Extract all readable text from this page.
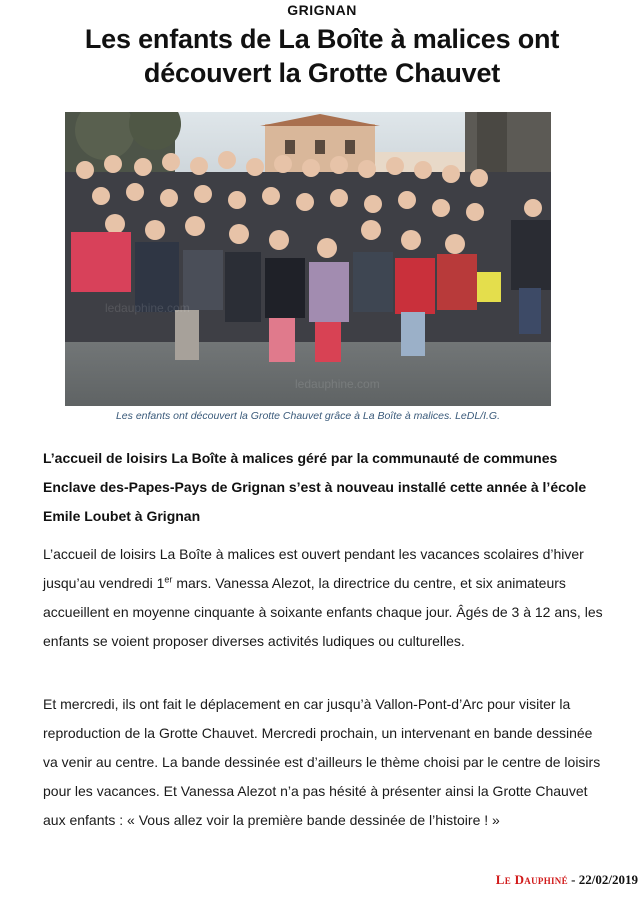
GRIGNAN
Les enfants de La Boîte à malices ont découvert la Grotte Chauvet
ledauphine.com
ledauphine.com
Les enfants ont découvert la Grotte Chauvet grâce à La Boîte à malices. LeDL/I.G.
L’accueil de loisirs La Boîte à malices géré par la communauté de communes Enclave des-Papes-Pays de Grignan s’est à nouveau installé cette année à l’école Emile Loubet à Grignan
L’accueil de loisirs La Boîte à malices est ouvert pendant les vacances scolaires d’hiver jusqu’au vendredi 1er mars. Vanessa Alezot, la directrice du centre, et six animateurs accueillent en moyenne cinquante à soixante enfants chaque jour. Âgés de 3 à 12 ans, les enfants se voient proposer diverses activités ludiques ou culturelles.
Et mercredi, ils ont fait le déplacement en car jusqu’à Vallon-Pont-d’Arc pour visiter la reproduction de la Grotte Chauvet. Mercredi prochain, un intervenant en bande dessinée va venir au centre. La bande dessinée est d’ailleurs le thème choisi par le centre de loisirs pour les vacances. Et Vanessa Alezot n’a pas hésité à présenter ainsi la Grotte Chauvet aux enfants : « Vous allez voir la première bande dessinée de l’histoire ! »
Le Dauphiné - 22/02/2019
